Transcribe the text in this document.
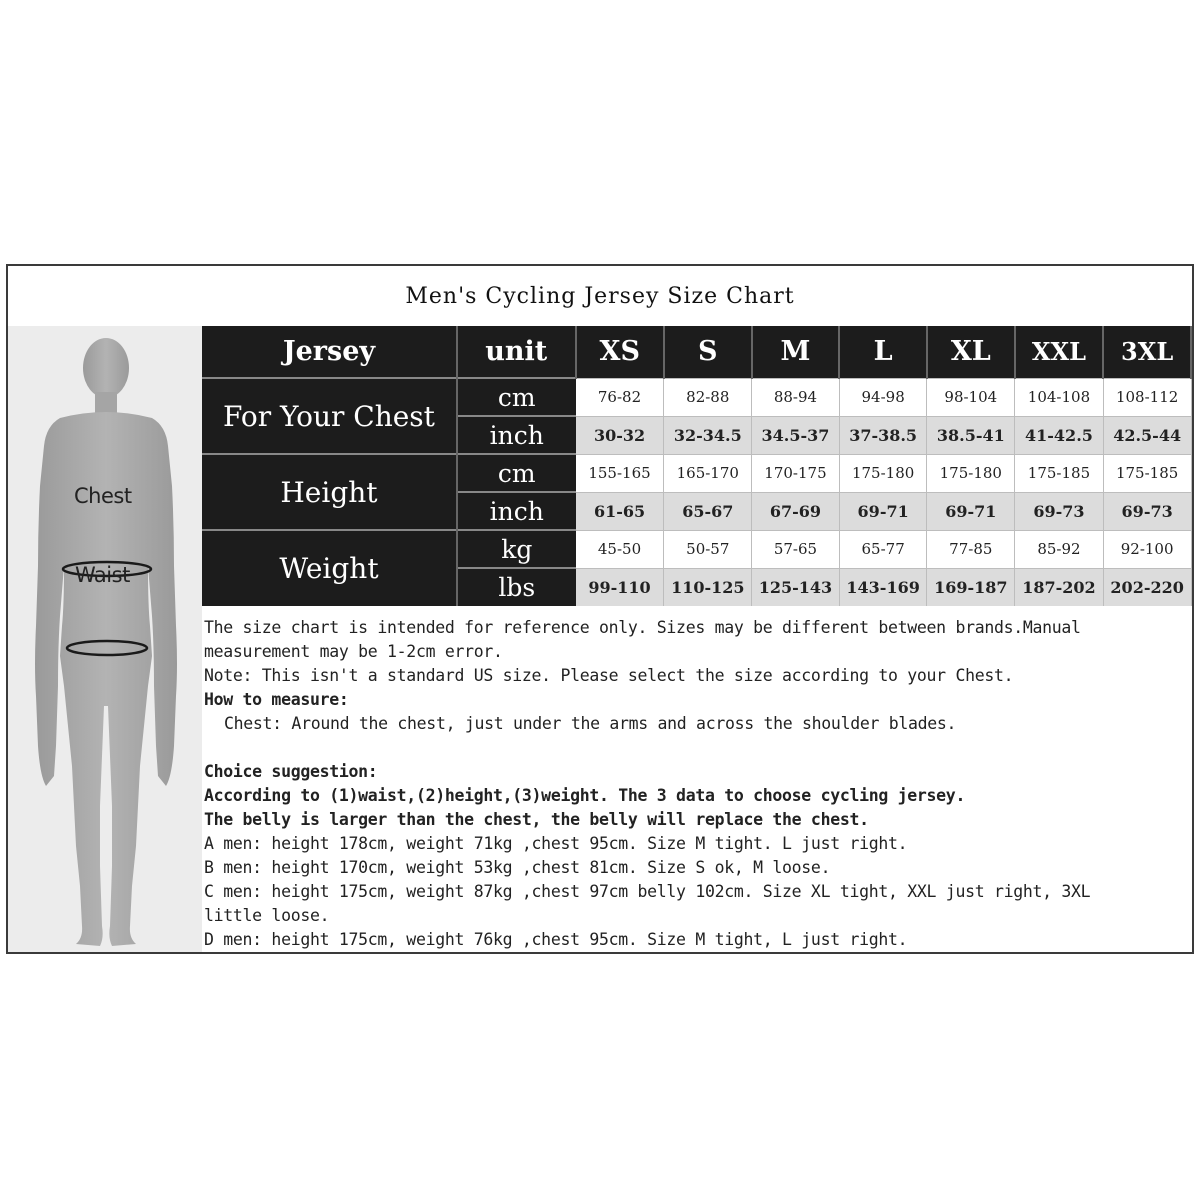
Men's Cycling Jersey Size Chart
Chest
Waist
Jersey	unit	XS	S	M	L	XL	XXL	3XL
For Your Chest	cm	76-82	82-88	88-94	94-98	98-104	104-108	108-112
	inch	30-32	32-34.5	34.5-37	37-38.5	38.5-41	41-42.5	42.5-44
Height	cm	155-165	165-170	170-175	175-180	175-180	175-185	175-185
	inch	61-65	65-67	67-69	69-71	69-71	69-73	69-73
Weight	kg	45-50	50-57	57-65	65-77	77-85	85-92	92-100
	lbs	99-110	110-125	125-143	143-169	169-187	187-202	202-220

The size chart is intended for reference only. Sizes may be different between brands.Manual

measurement may be 1-2cm error.

Note: This isn't a standard US size. Please select the size according to your Chest.

How to measure:

Chest: Around the chest, just under the arms and across the shoulder blades.

Choice suggestion:

According to (1)waist,(2)height,(3)weight. The 3 data to choose cycling jersey.

The belly is larger than the chest, the belly will replace the chest.

A men: height 178cm, weight 71kg ,chest 95cm. Size M tight. L just right.

B men: height 170cm, weight 53kg ,chest 81cm. Size S ok, M loose.

C men: height 175cm, weight 87kg ,chest 97cm belly 102cm. Size XL tight, XXL just right, 3XL

little loose.

D men: height 175cm, weight 76kg ,chest 95cm. Size M tight, L just right.
